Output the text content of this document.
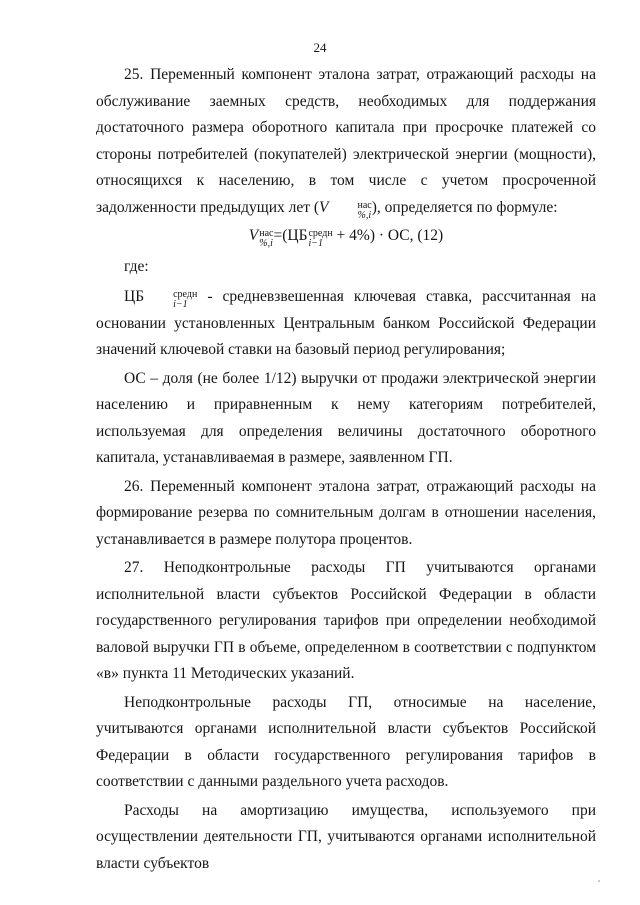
24

25. Переменный компонент эталона затрат, отражающий расходы на обслуживание заемных средств, необходимых для поддержания достаточного размера оборотного капитала при просрочке платежей со стороны потребителей (покупателей) электрической энергии (мощности), относящихся к населению, в том числе с учетом просроченной задолженности предыдущих лет (V	нас
%,i ), определяется по формуле:

V нас
%,i =(ЦБ средн
i−1 + 4%) · ОС, (12)

где:

ЦБ	средн
i−1 - средневзвешенная ключевая ставка, рассчитанная на основании установленных Центральным банком Российской Федерации значений ключевой ставки на базовый период регулирования;

ОС – доля (не более 1/12) выручки от продажи электрической энергии населению и приравненным к нему категориям потребителей, используемая для определения величины достаточного оборотного капитала, устанавливаемая в размере, заявленном ГП.

26. Переменный компонент эталона затрат, отражающий расходы на формирование резерва по сомнительным долгам в отношении населения, устанавливается в размере полутора процентов.

27. Неподконтрольные расходы ГП учитываются органами исполнительной власти субъектов Российской Федерации в области государственного регулирования тарифов при определении необходимой валовой выручки ГП в объеме, определенном в соответствии с подпунктом «в» пункта 11 Методических указаний.

Неподконтрольные расходы ГП, относимые на население, учитываются органами исполнительной власти субъектов Российской Федерации в области государственного регулирования тарифов в соответствии с данными раздельного учета расходов.

Расходы на амортизацию имущества, используемого при осуществлении деятельности ГП, учитываются органами исполнительной власти субъектов
